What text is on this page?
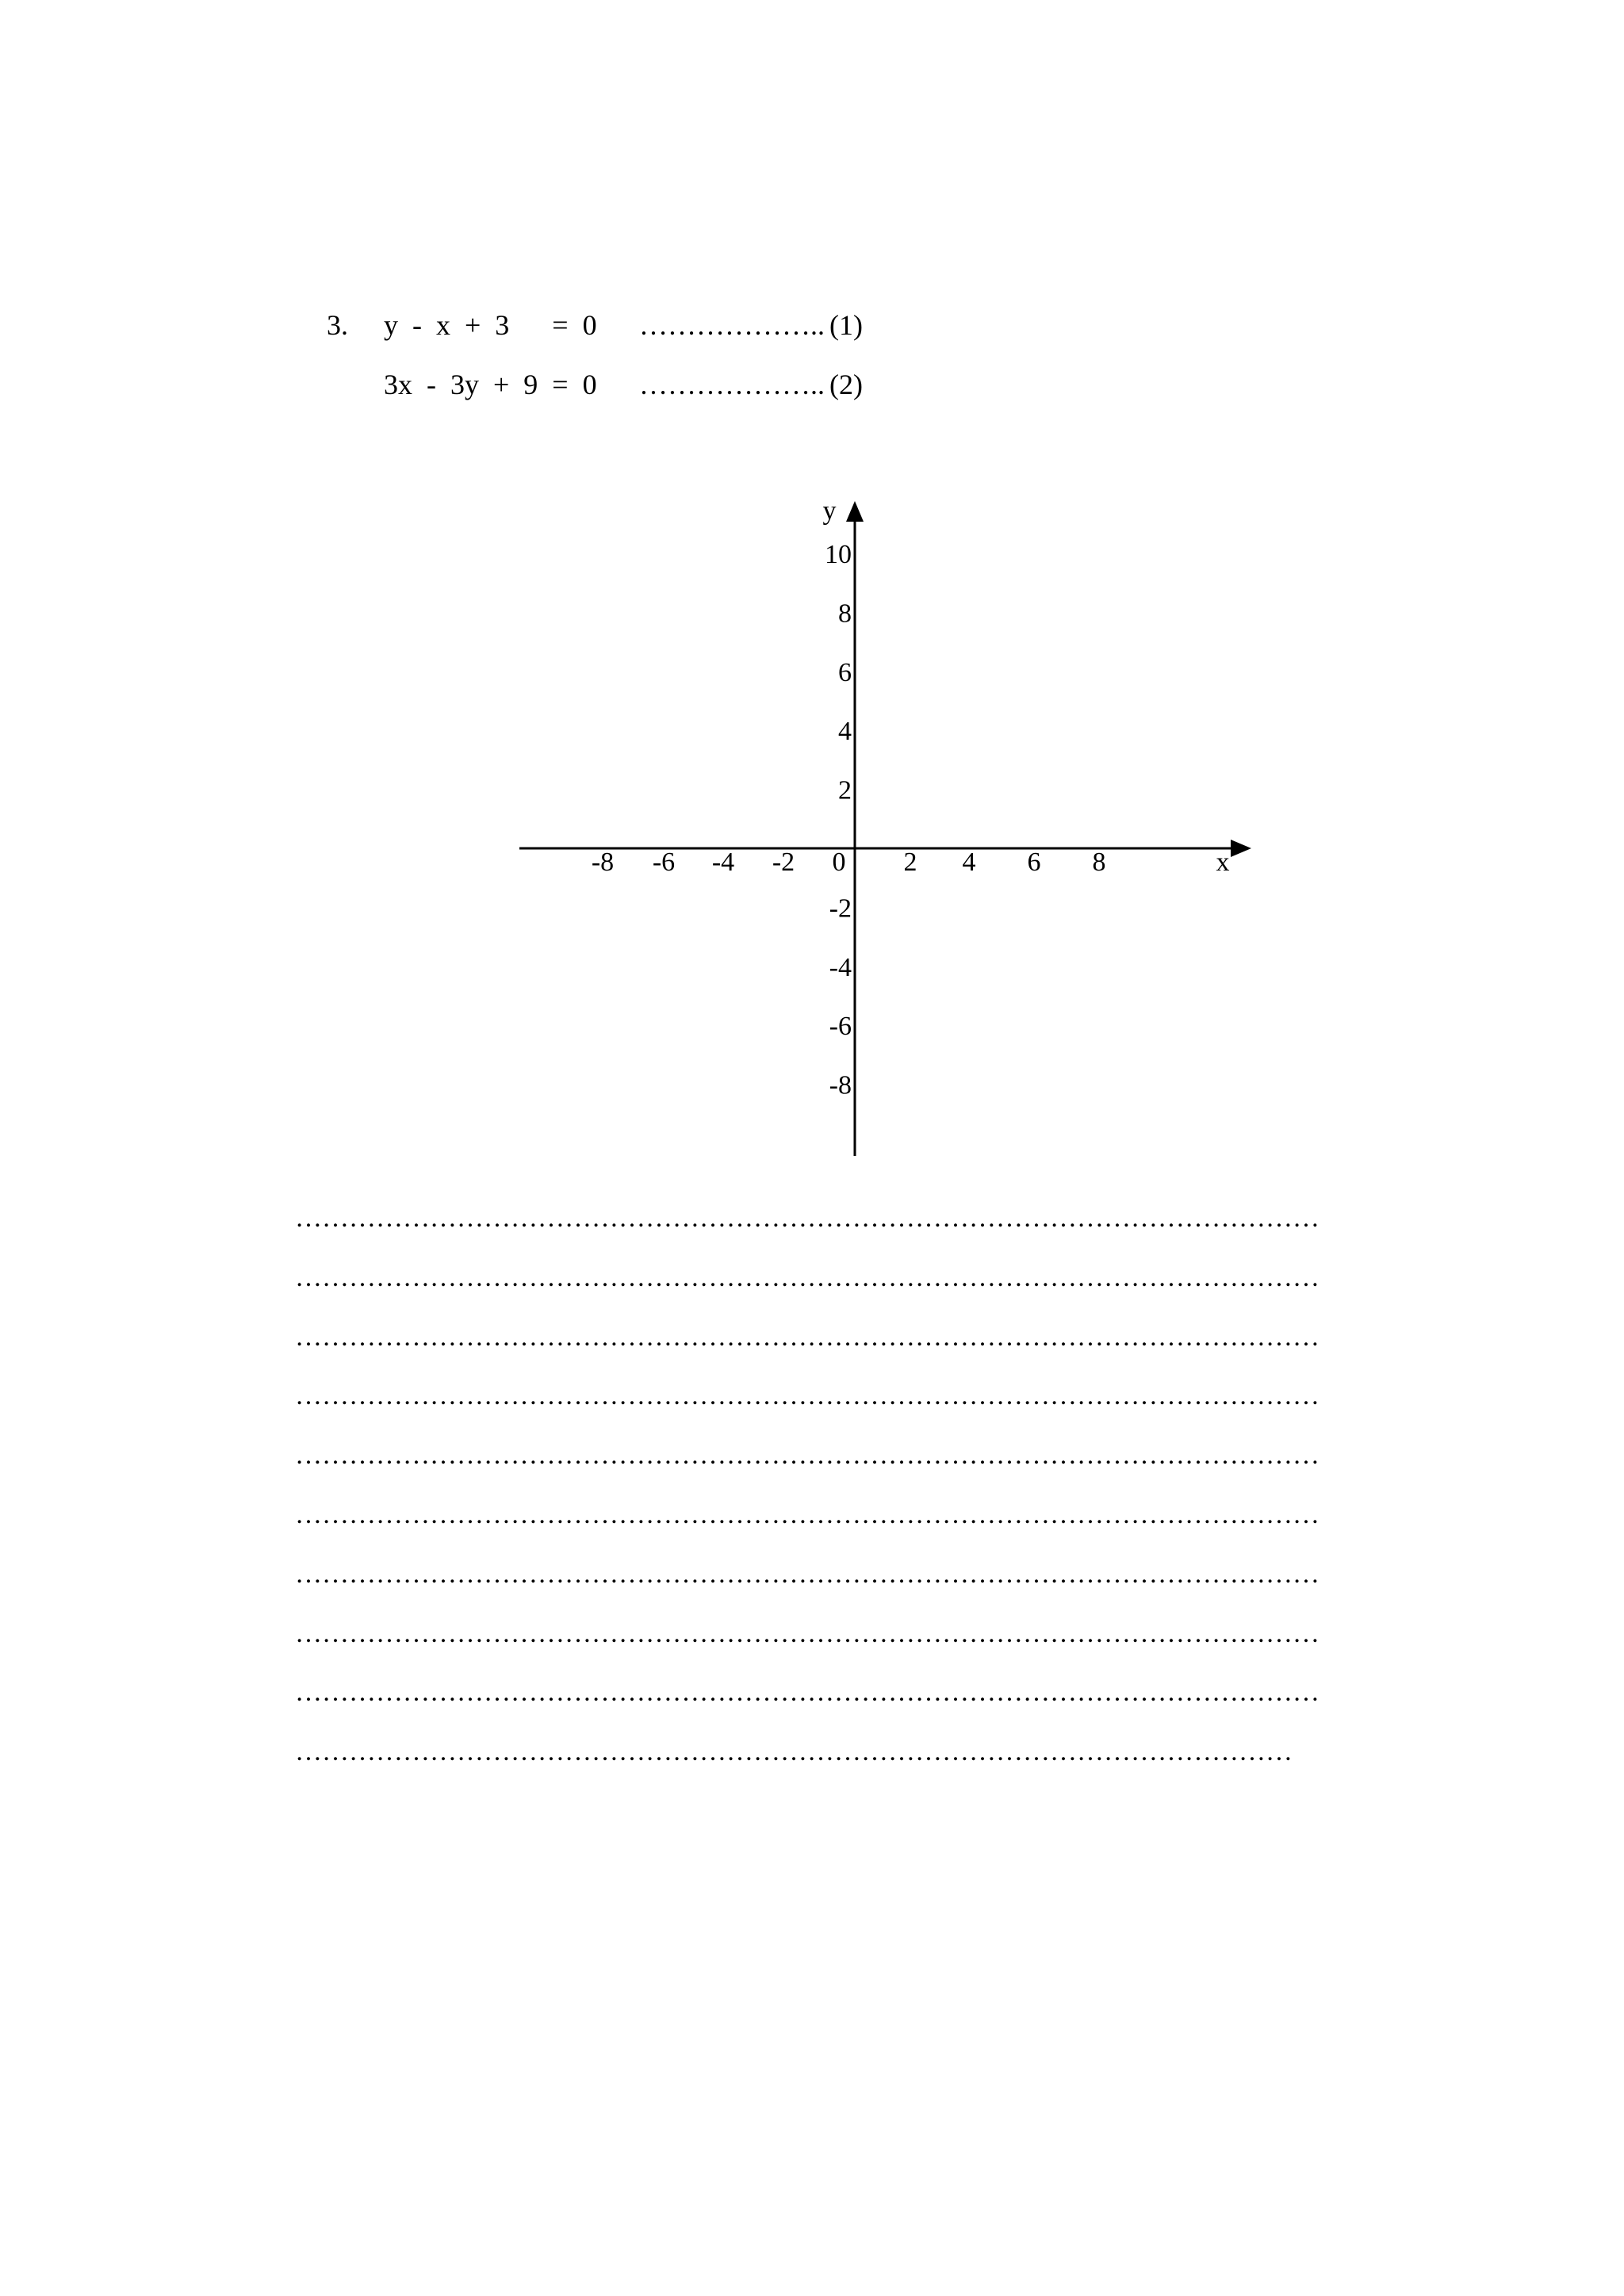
3. y  -  x  +  3      =  0 ……………….. (1)
3x  -  3y  +  9  =  0 ……………….. (2)
-8 -6 -4 -2 0 2 4 6 8
10
8
6
4
2
-2
-4
-6
-8
y
x
……………………………………………………………………………………………………
……………………………………………………………………………………………………
……………………………………………………………………………………………………
……………………………………………………………………………………………………
……………………………………………………………………………………………………
……………………………………………………………………………………………………
……………………………………………………………………………………………………
……………………………………………………………………………………………………
……………………………………………………………………………………………………
…………………………………………………………………………………………………
